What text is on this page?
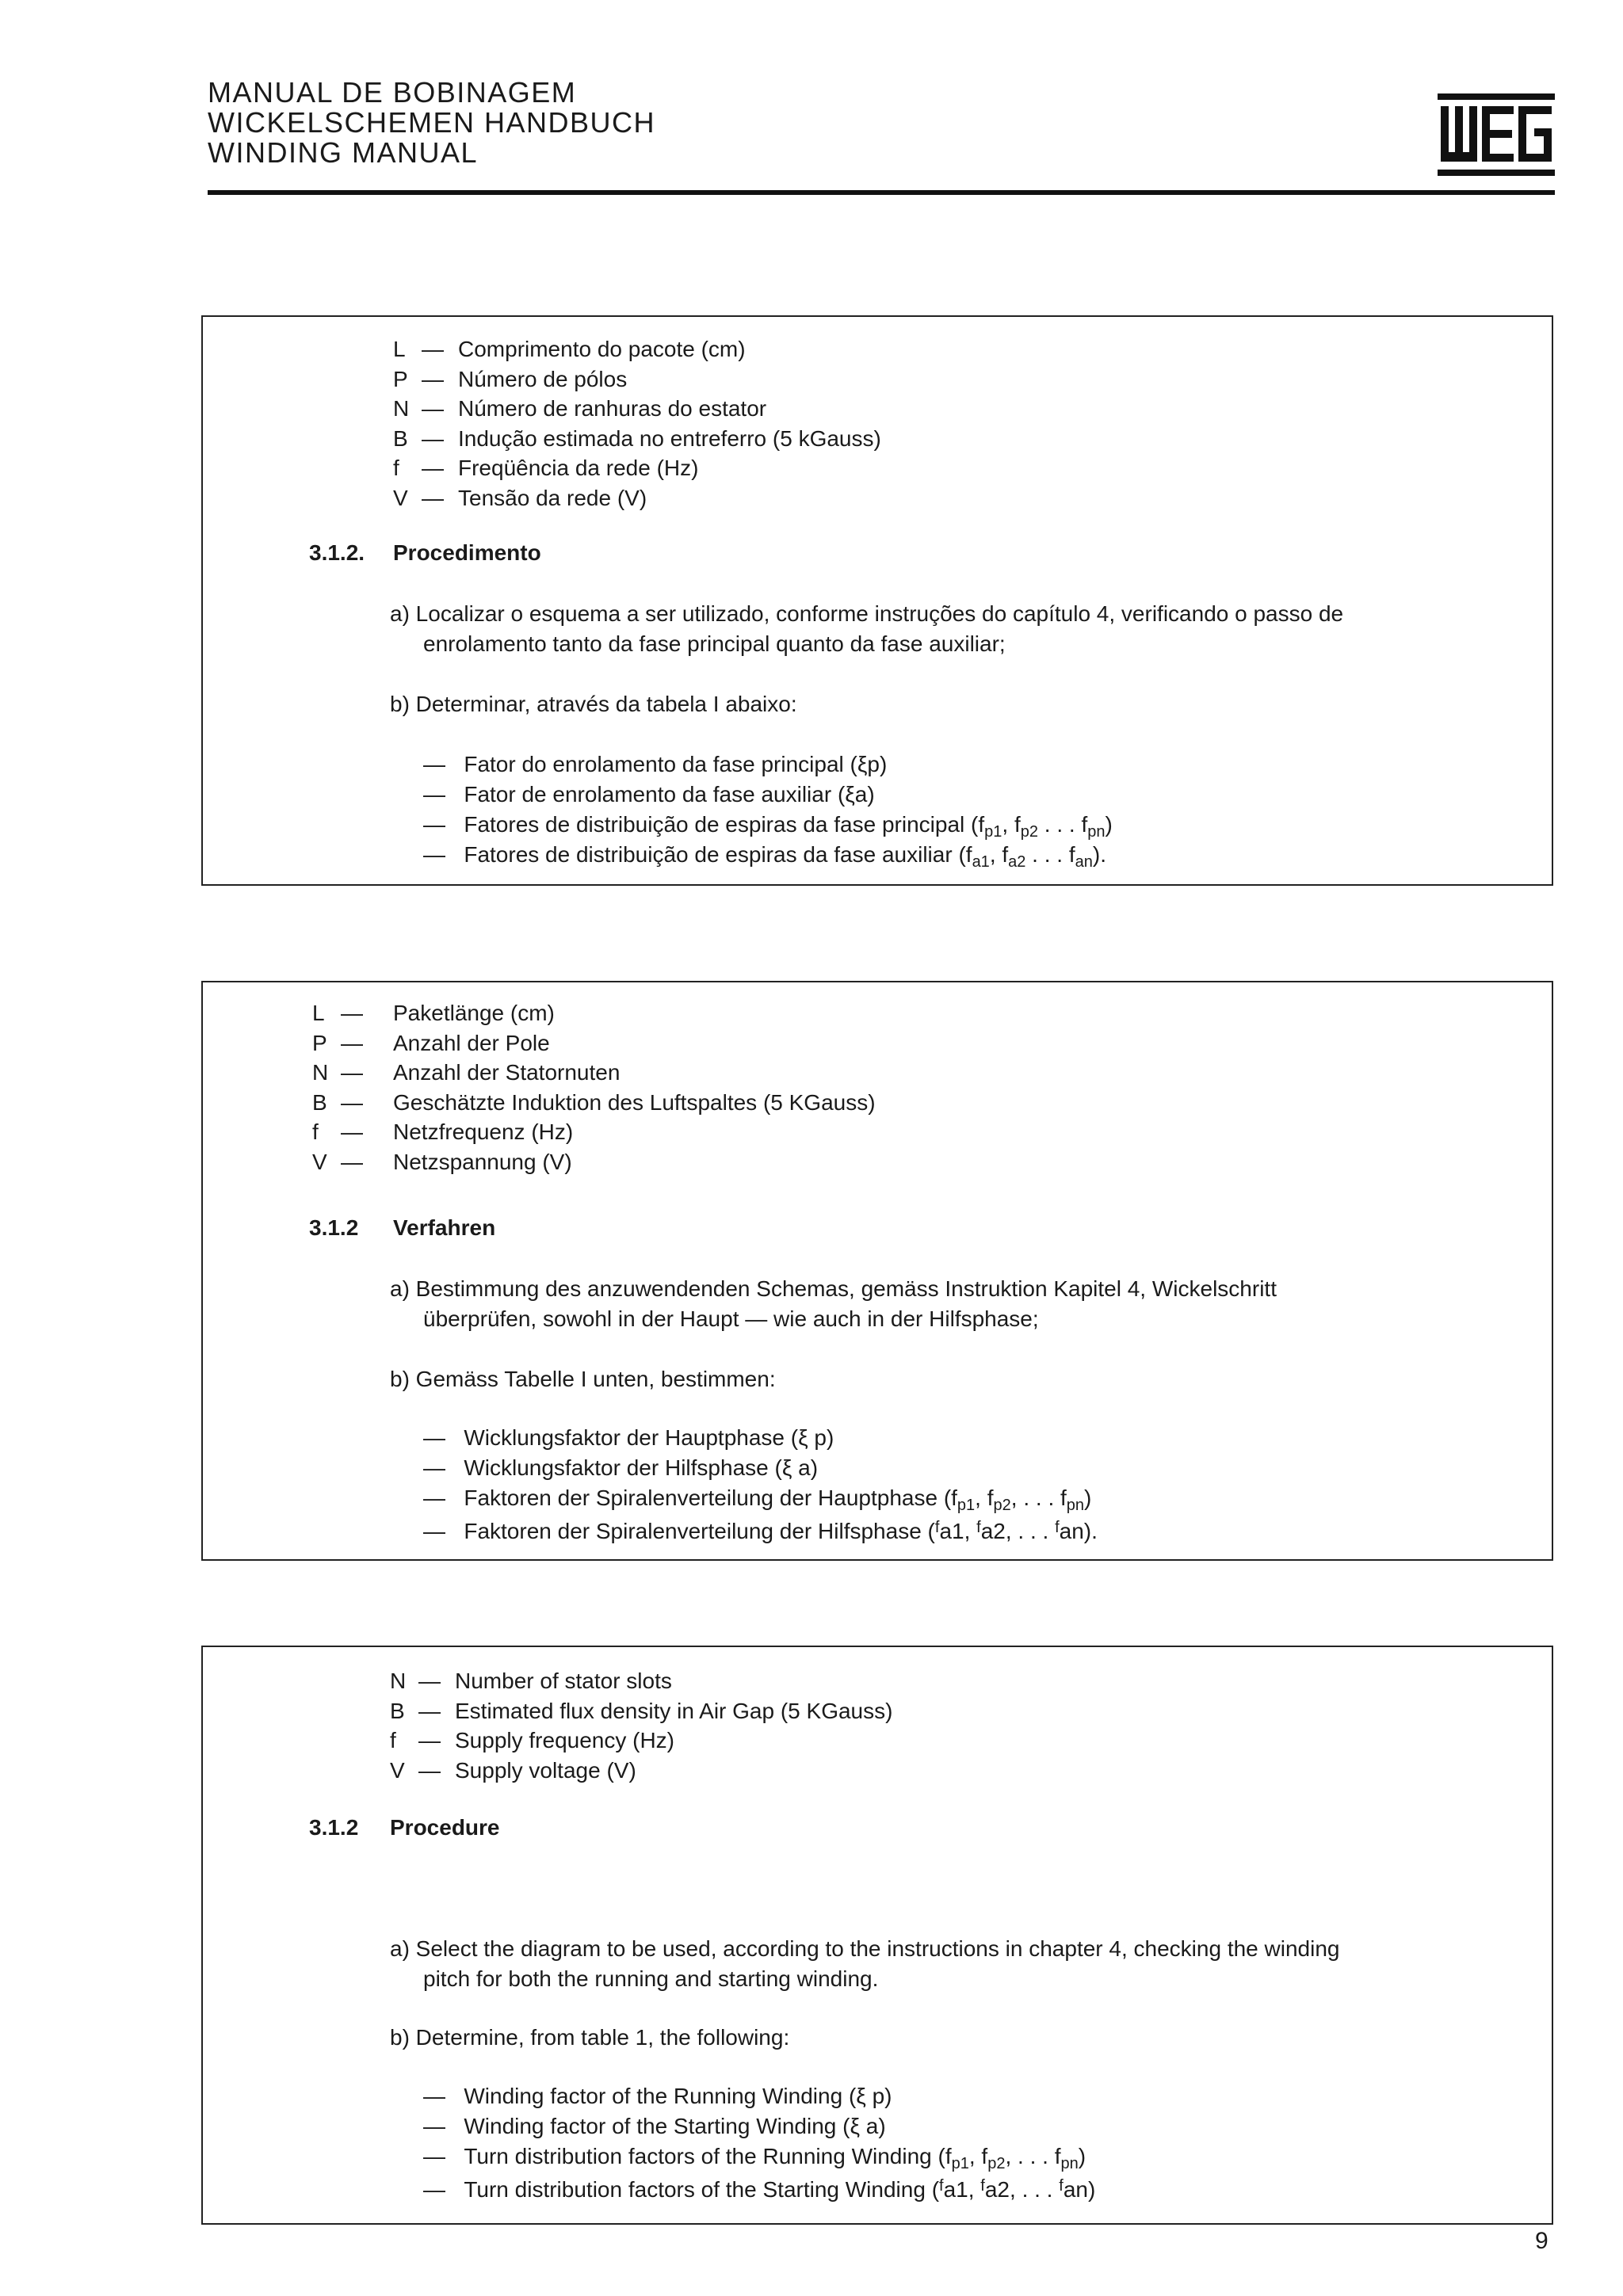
MANUAL DE BOBINAGEM
WICKELSCHEMEN HANDBUCH
WINDING MANUAL
L — Comprimento do pacote (cm)
P — Número de pólos
N — Número de ranhuras do estator
B — Indução estimada no entreferro (5 kGauss)
f — Freqüência da rede (Hz)
V — Tensão da rede (V)
3.1.2. Procedimento
a) Localizar o esquema a ser utilizado, conforme instruções do capítulo 4, verificando o passo de
enrolamento tanto da fase principal quanto da fase auxiliar;
b) Determinar, através da tabela I abaixo:
— Fator do enrolamento da fase principal (ξp)
— Fator de enrolamento da fase auxiliar (ξa)
— Fatores de distribuição de espiras da fase principal ($f_{p1}$, $f_{p2}$ . . . $f_{pn}$)
— Fatores de distribuição de espiras da fase auxiliar ($f_{a1}$, $f_{a2}$ . . . $f_{an}$).
L — Paketlänge (cm)
P — Anzahl der Pole
N — Anzahl der Statornuten
B — Geschätzte Induktion des Luftspaltes (5 KGauss)
f — Netzfrequenz (Hz)
V — Netzspannung (V)
3.1.2 Verfahren
a) Bestimmung des anzuwendenden Schemas, gemäss Instruktion Kapitel 4, Wickelschritt
überprüfen, sowohl in der Haupt — wie auch in der Hilfsphase;
b) Gemäss Tabelle I unten, bestimmen:
— Wicklungsfaktor der Hauptphase (ξ p)
— Wicklungsfaktor der Hilfsphase (ξ a)
— Faktoren der Spiralenverteilung der Hauptphase ($f_{p1}$, $f_{p2}$, . . . $f_{pn}$)
— Faktoren der Spiralenverteilung der Hilfsphase ($^f$a1, $^f$a2, . . . $^f$an).
N — Number of stator slots
B — Estimated flux density in Air Gap (5 KGauss)
f — Supply frequency (Hz)
V — Supply voltage (V)
3.1.2 Procedure
a) Select the diagram to be used, according to the instructions in chapter 4, checking the winding
pitch for both the running and starting winding.
b) Determine, from table 1, the following:
— Winding factor of the Running Winding (ξ p)
— Winding factor of the Starting Winding (ξ a)
— Turn distribution factors of the Running Winding ($f_{p1}$, $f_{p2}$, . . . $f_{pn}$)
— Turn distribution factors of the Starting Winding ($^f$a1, $^f$a2, . . . $^f$an)
9
